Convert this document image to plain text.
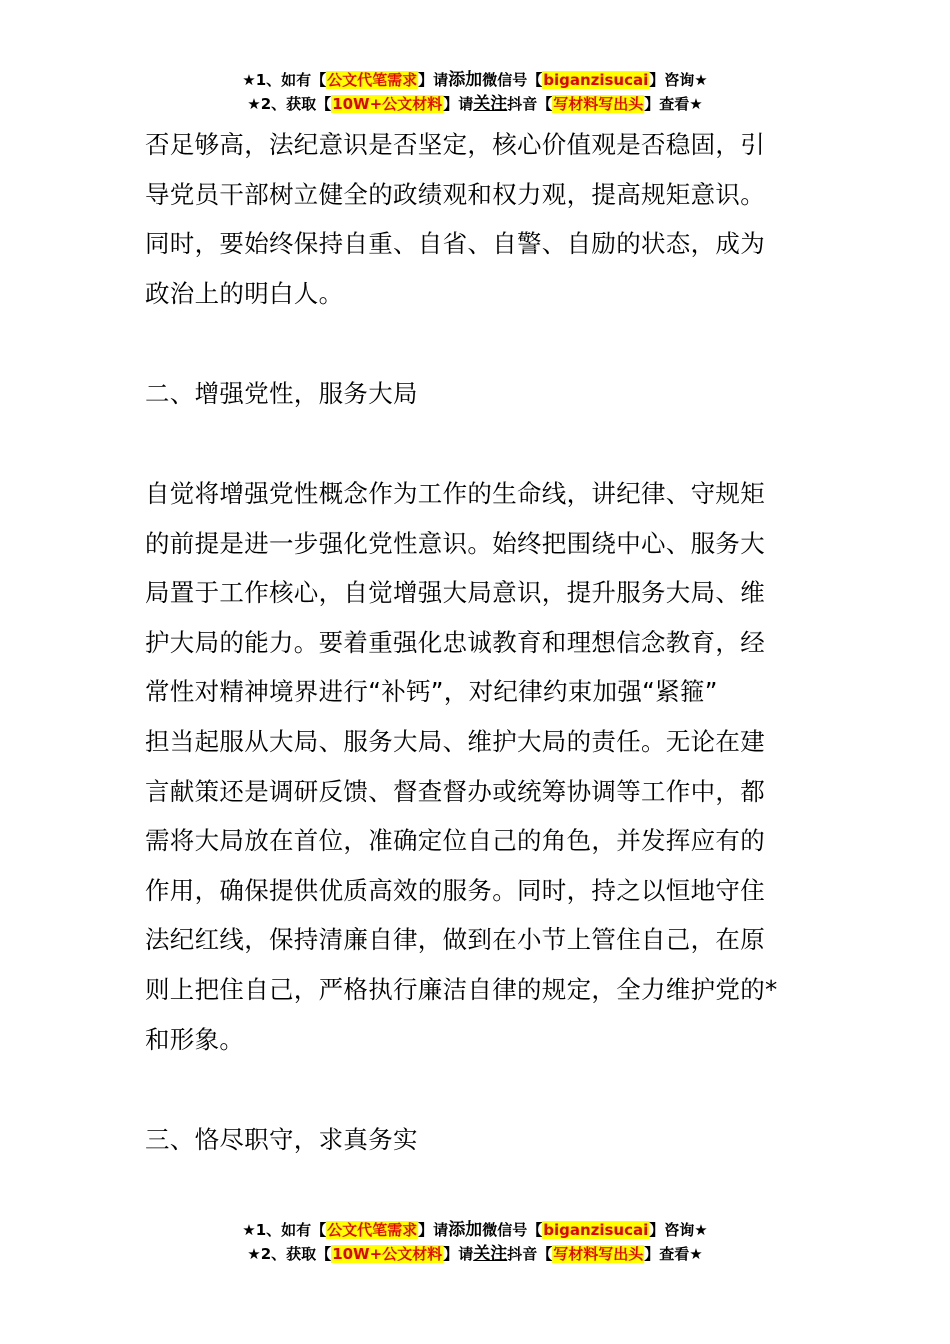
★1、如有【公文代笔需求】请添加微信号【biganzisucai】咨询★
★2、获取【10W+公文材料】请关注抖音【写材料写出头】查看★
否足够高，法纪意识是否坚定，核心价值观是否稳固，引
导党员干部树立健全的政绩观和权力观，提高规矩意识。
同时，要始终保持自重、自省、自警、自励的状态，成为
政治上的明白人。
二、增强党性，服务大局
自觉将增强党性概念作为工作的生命线，讲纪律、守规矩
的前提是进一步强化党性意识。始终把围绕中心、服务大
局置于工作核心，自觉增强大局意识，提升服务大局、维
护大局的能力。要着重强化忠诚教育和理想信念教育，经
常性对精神境界进行“补钙”，对纪律约束加强“紧箍”
担当起服从大局、服务大局、维护大局的责任。无论在建
言献策还是调研反馈、督查督办或统筹协调等工作中，都
需将大局放在首位，准确定位自己的角色，并发挥应有的
作用，确保提供优质高效的服务。同时，持之以恒地守住
法纪红线，保持清廉自律，做到在小节上管住自己，在原
则上把住自己，严格执行廉洁自律的规定，全力维护党的*
和形象。
三、恪尽职守，求真务实
★1、如有【公文代笔需求】请添加微信号【biganzisucai】咨询★
★2、获取【10W+公文材料】请关注抖音【写材料写出头】查看★
